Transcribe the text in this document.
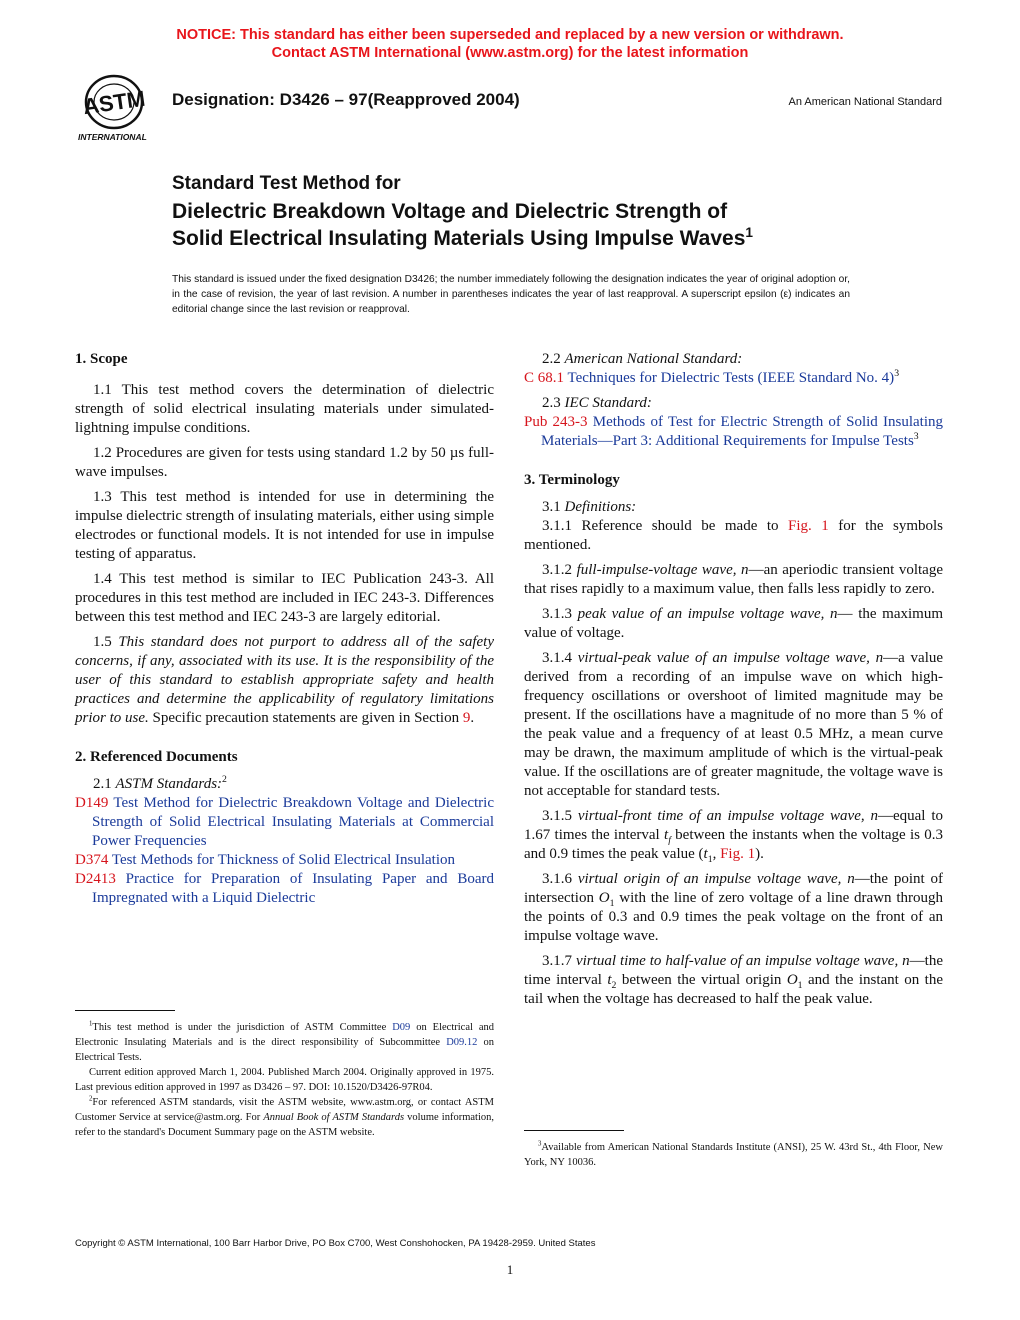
NOTICE: This standard has either been superseded and replaced by a new version or withdrawn.
Contact ASTM International (www.astm.org) for the latest information
ASTM
INTERNATIONAL
Designation: D3426 – 97(Reapproved 2004)	An American National Standard
Standard Test Method for
Dielectric Breakdown Voltage and Dielectric Strength of
Solid Electrical Insulating Materials Using Impulse Waves$^1$
This standard is issued under the fixed designation D3426; the number immediately following the designation indicates the year of original adoption or, in the case of revision, the year of last revision. A number in parentheses indicates the year of last reapproval. A superscript epsilon (ε) indicates an editorial change since the last revision or reapproval.

1. Scope

1.1 This test method covers the determination of dielectric strength of solid electrical insulating materials under simulated-lightning impulse conditions.

1.2 Procedures are given for tests using standard 1.2 by 50 µs full-wave impulses.

1.3 This test method is intended for use in determining the impulse dielectric strength of insulating materials, either using simple electrodes or functional models. It is not intended for use in impulse testing of apparatus.

1.4 This test method is similar to IEC Publication 243-3. All procedures in this test method are included in IEC 243-3. Differences between this test method and IEC 243-3 are largely editorial.

1.5 This standard does not purport to address all of the safety concerns, if any, associated with its use. It is the responsibility of the user of this standard to establish appropriate safety and health practices and determine the applicability of regulatory limitations prior to use. Specific precaution statements are given in Section 9.

2. Referenced Documents

2.1 ASTM Standards:$^2$

D149 Test Method for Dielectric Breakdown Voltage and Dielectric Strength of Solid Electrical Insulating Materials at Commercial Power Frequencies

D374 Test Methods for Thickness of Solid Electrical Insulation

D2413 Practice for Preparation of Insulating Paper and Board Impregnated with a Liquid Dielectric

$^1$This test method is under the jurisdiction of ASTM Committee D09 on Electrical and Electronic Insulating Materials and is the direct responsibility of Subcommittee D09.12 on Electrical Tests.

Current edition approved March 1, 2004. Published March 2004. Originally approved in 1975. Last previous edition approved in 1997 as D3426 – 97. DOI: 10.1520/D3426-97R04.

$^2$For referenced ASTM standards, visit the ASTM website, www.astm.org, or contact ASTM Customer Service at service@astm.org. For Annual Book of ASTM Standards volume information, refer to the standard's Document Summary page on the ASTM website.

2.2 American National Standard:

C 68.1 Techniques for Dielectric Tests (IEEE Standard No. 4)$^3$

2.3 IEC Standard:

Pub 243-3 Methods of Test for Electric Strength of Solid Insulating Materials—Part 3: Additional Requirements for Impulse Tests$^3$

3. Terminology

3.1 Definitions:

3.1.1 Reference should be made to Fig. 1 for the symbols mentioned.

3.1.2 full-impulse-voltage wave, n—an aperiodic transient voltage that rises rapidly to a maximum value, then falls less rapidly to zero.

3.1.3 peak value of an impulse voltage wave, n— the maximum value of voltage.

3.1.4 virtual-peak value of an impulse voltage wave, n—a value derived from a recording of an impulse wave on which high-frequency oscillations or overshoot of limited magnitude may be present. If the oscillations have a magnitude of no more than 5 % of the peak value and a frequency of at least 0.5 MHz, a mean curve may be drawn, the maximum amplitude of which is the virtual-peak value. If the oscillations are of greater magnitude, the voltage wave is not acceptable for standard tests.

3.1.5 virtual-front time of an impulse voltage wave, n—equal to 1.67 times the interval $t_f$ between the instants when the voltage is 0.3 and 0.9 times the peak value ($t_1$, Fig. 1).

3.1.6 virtual origin of an impulse voltage wave, n—the point of intersection $O_1$ with the line of zero voltage of a line drawn through the points of 0.3 and 0.9 times the peak voltage on the front of an impulse voltage wave.

3.1.7 virtual time to half-value of an impulse voltage wave, n—the time interval $t_2$ between the virtual origin $O_1$ and the instant on the tail when the voltage has decreased to half the peak value.

$^3$Available from American National Standards Institute (ANSI), 25 W. 43rd St., 4th Floor, New York, NY 10036.

Copyright © ASTM International, 100 Barr Harbor Drive, PO Box C700, West Conshohocken, PA 19428-2959. United States
1
